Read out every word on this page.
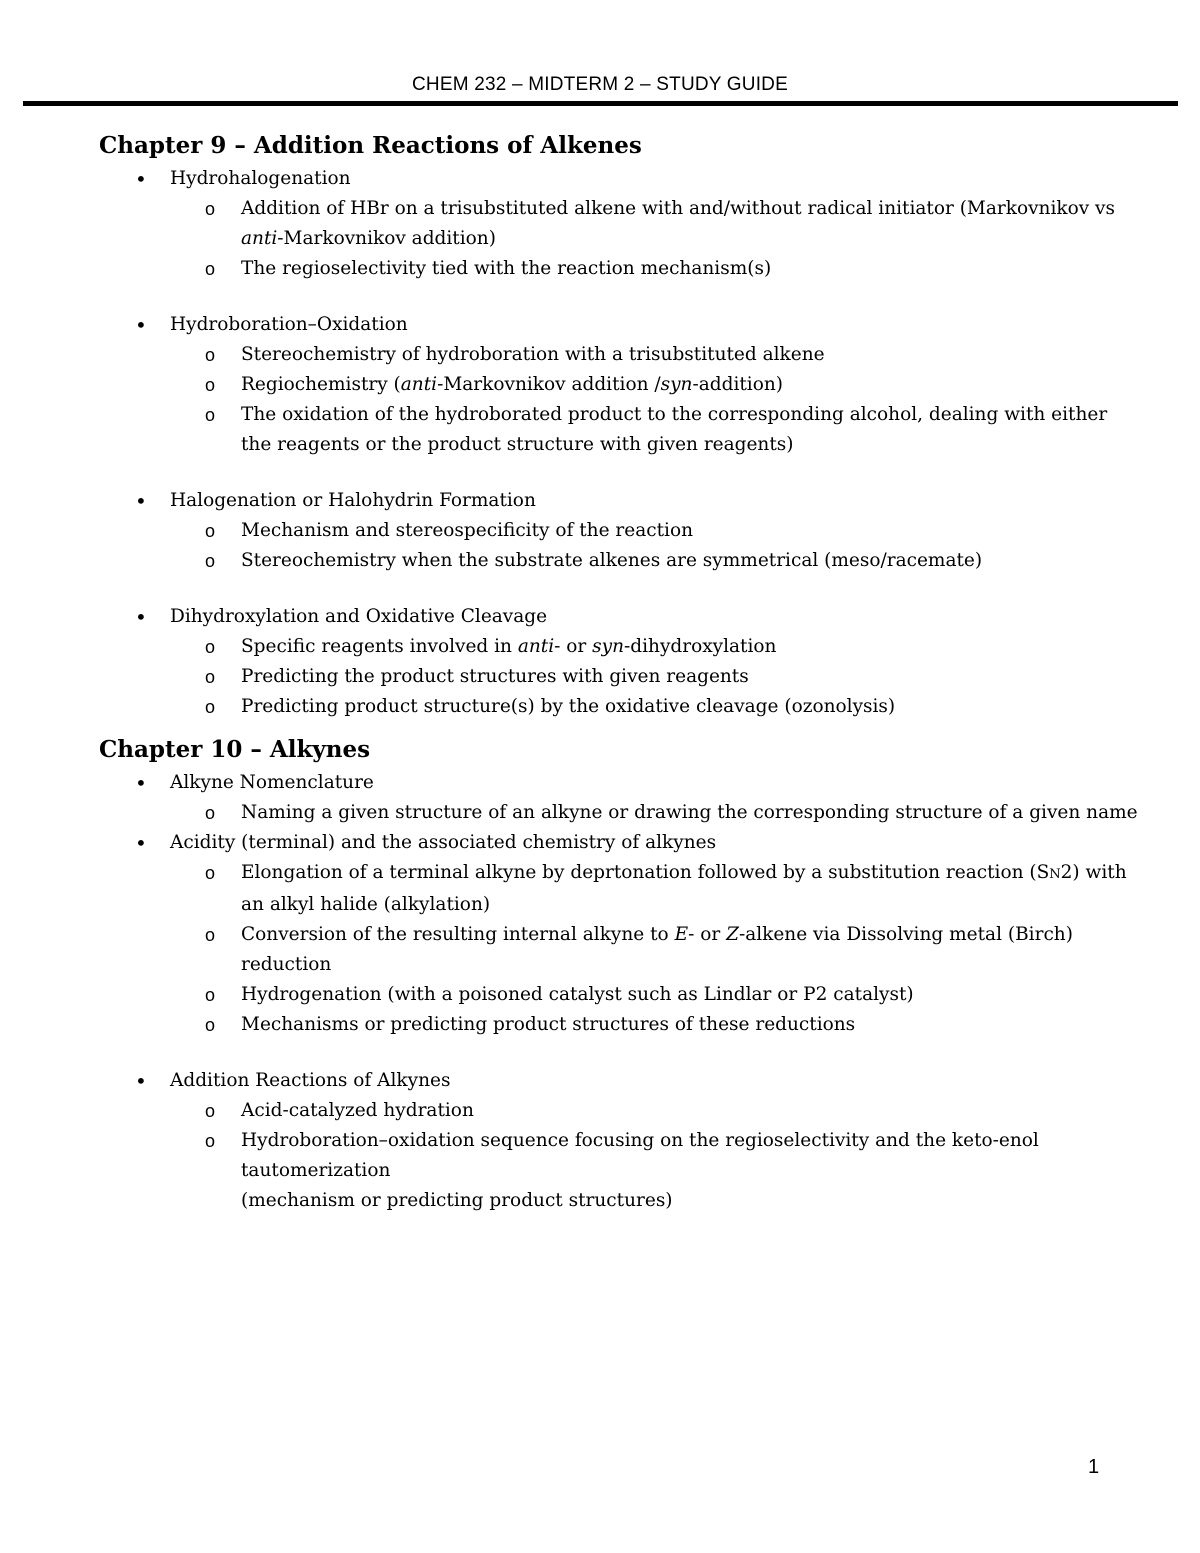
CHEM 232 – MIDTERM 2 – STUDY GUIDE
Chapter 9 – Addition Reactions of Alkenes
• Hydrohalogenation
o Addition of HBr on a trisubstituted alkene with and/without radical initiator (Markovnikov vs anti-Markovnikov addition)
o The regioselectivity tied with the reaction mechanism(s)
• Hydroboration–Oxidation
o Stereochemistry of hydroboration with a trisubstituted alkene
o Regiochemistry (anti-Markovnikov addition /syn-addition)
o The oxidation of the hydroborated product to the corresponding alcohol, dealing with either the reagents or the product structure with given reagents)
• Halogenation or Halohydrin Formation
o Mechanism and stereospecificity of the reaction
o Stereochemistry when the substrate alkenes are symmetrical (meso/racemate)
• Dihydroxylation and Oxidative Cleavage
o Specific reagents involved in anti- or syn-dihydroxylation
o Predicting the product structures with given reagents
o Predicting product structure(s) by the oxidative cleavage (ozonolysis)
Chapter 10 – Alkynes
• Alkyne Nomenclature
o Naming a given structure of an alkyne or drawing the corresponding structure of a given name
• Acidity (terminal) and the associated chemistry of alkynes
o Elongation of a terminal alkyne by deprtonation followed by a substitution reaction (SN2) with an alkyl halide (alkylation)
o Conversion of the resulting internal alkyne to E- or Z-alkene via Dissolving metal (Birch) reduction
o Hydrogenation (with a poisoned catalyst such as Lindlar or P2 catalyst)
o Mechanisms or predicting product structures of these reductions
• Addition Reactions of Alkynes
o Acid-catalyzed hydration
o Hydroboration–oxidation sequence focusing on the regioselectivity and the keto-enol tautomerization
(mechanism or predicting product structures)
1
